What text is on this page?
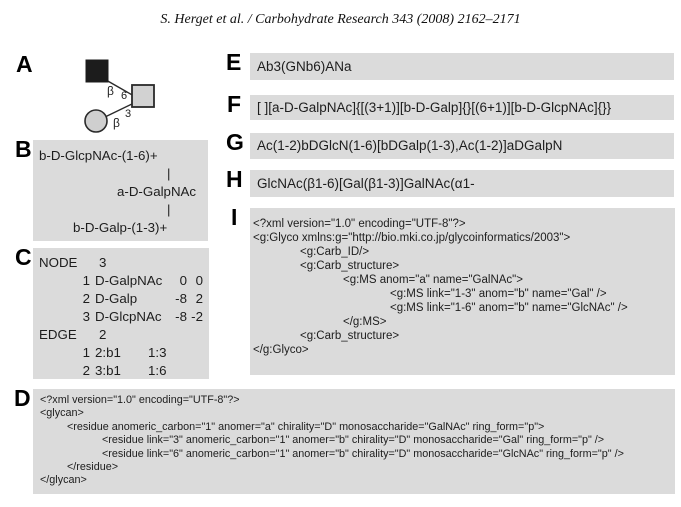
S. Herget et al. / Carbohydrate Research 343 (2008) 2162–2171
A
β 6
β
3
B b-D-GlcpNAc-(1-6)+
|
a-D-GalpNAc
|
b-D-Galp-(1-3)+
C NODE 3
1 D-GalpNAc 0 0
2 D-Galp	-8 2
3 D-GlcpNAc -8 -2
EDGE 2
1 2:b1 1:3
2 3:b1 1:6
D <?xml version="1.0" encoding="UTF-8"?>
<glycan>
<residue anomeric_carbon="1" anomer="a" chirality="D" monosaccharide="GalNAc" ring_form="p">
<residue link="3" anomeric_carbon="1" anomer="b" chirality="D" monosaccharide="Gal" ring_form="p" />
<residue link="6" anomeric_carbon="1" anomer="b" chirality="D" monosaccharide="GlcNAc" ring_form="p" />
</residue>
</glycan>
E	Ab3(GNb6)ANa
F	[ ][a-D-GalpNAc]{[(3+1)][b-D-Galp]{}[(6+1)][b-D-GlcpNAc]{}}
G Ac(1-2)bDGlcN(1-6)[bDGalp(1-3),Ac(1-2)]aDGalpN
H	GlcNAc(β1-6)[Gal(β1-3)]GalNAc(α1-
I <?xml version="1.0" encoding="UTF-8"?>
<g:Glyco xmlns:g="http://bio.mki.co.jp/glycoinformatics/2003">
<g:Carb_ID/>
<g:Carb_structure>
<g:MS anom="a" name="GalNAc">
<g:MS link="1-3" anom="b" name="Gal" />
<g:MS link="1-6" anom="b" name="GlcNAc" />
</g:MS>
<g:Carb_structure>
</g:Glyco>
